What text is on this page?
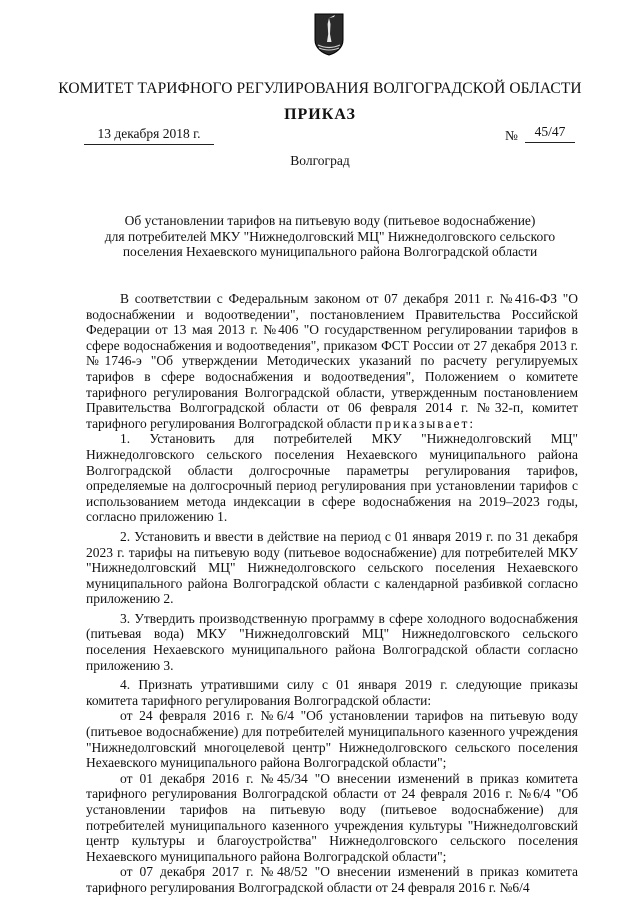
КОМИТЕТ ТАРИФНОГО РЕГУЛИРОВАНИЯ ВОЛГОГРАДСКОЙ ОБЛАСТИ
ПРИКАЗ
13 декабря 2018 г.	№	45/47
Волгоград
Об установлении тарифов на питьевую воду (питьевое водоснабжение)
для потребителей МКУ "Нижнедолговский МЦ" Нижнедолговского сельского
поселения Нехаевского муниципального района Волгоградской области

В соответствии с Федеральным законом от 07 декабря 2011 г. №416-ФЗ "О водоснабжении и водоотведении", постановлением Правительства Российской Федерации от 13 мая 2013 г. №406 "О государственном регулировании тарифов в сфере водоснабжения и водоотведения", приказом ФСТ России от 27 декабря 2013 г. №1746-э "Об утверждении Методических указаний по расчету регулируемых тарифов в сфере водоснабжения и водоотведения", Положением о комитете тарифного регулирования Волгоградской области, утвержденным постановлением Правительства Волгоградской области от 06 февраля 2014 г. №32-п, комитет тарифного регулирования Волгоградской области приказывает:

1. Установить для потребителей МКУ "Нижнедолговский МЦ" Нижнедолговского сельского поселения Нехаевского муниципального района Волгоградской области долгосрочные параметры регулирования тарифов, определяемые на долгосрочный период регулирования при установлении тарифов с использованием метода индексации в сфере водоснабжения на 2019–2023 годы, согласно приложению 1.

2. Установить и ввести в действие на период с 01 января 2019 г. по 31 декабря 2023 г. тарифы на питьевую воду (питьевое водоснабжение) для потребителей МКУ "Нижнедолговский МЦ" Нижнедолговского сельского поселения Нехаевского муниципального района Волгоградской области с календарной разбивкой согласно приложению 2.

3. Утвердить производственную программу в сфере холодного водоснабжения (питьевая вода) МКУ "Нижнедолговский МЦ" Нижнедолговского сельского поселения Нехаевского муниципального района Волгоградской области согласно приложению 3.

4. Признать утратившими силу с 01 января 2019 г. следующие приказы комитета тарифного регулирования Волгоградской области:

от 24 февраля 2016 г. №6/4 "Об установлении тарифов на питьевую воду (питьевое водоснабжение) для потребителей муниципального казенного учреждения "Нижнедолговский многоцелевой центр" Нижнедолговского сельского поселения Нехаевского муниципального района Волгоградской области";

от 01 декабря 2016 г. №45/34 "О внесении изменений в приказ комитета тарифного регулирования Волгоградской области от 24 февраля 2016 г. №6/4 "Об установлении тарифов на питьевую воду (питьевое водоснабжение) для потребителей муниципального казенного учреждения культуры "Нижнедолговский центр культуры и благоустройства" Нижнедолговского сельского поселения Нехаевского муниципального района Волгоградской области";

от 07 декабря 2017 г. №48/52 "О внесении изменений в приказ комитета тарифного регулирования Волгоградской области от 24 февраля 2016 г. №6/4
